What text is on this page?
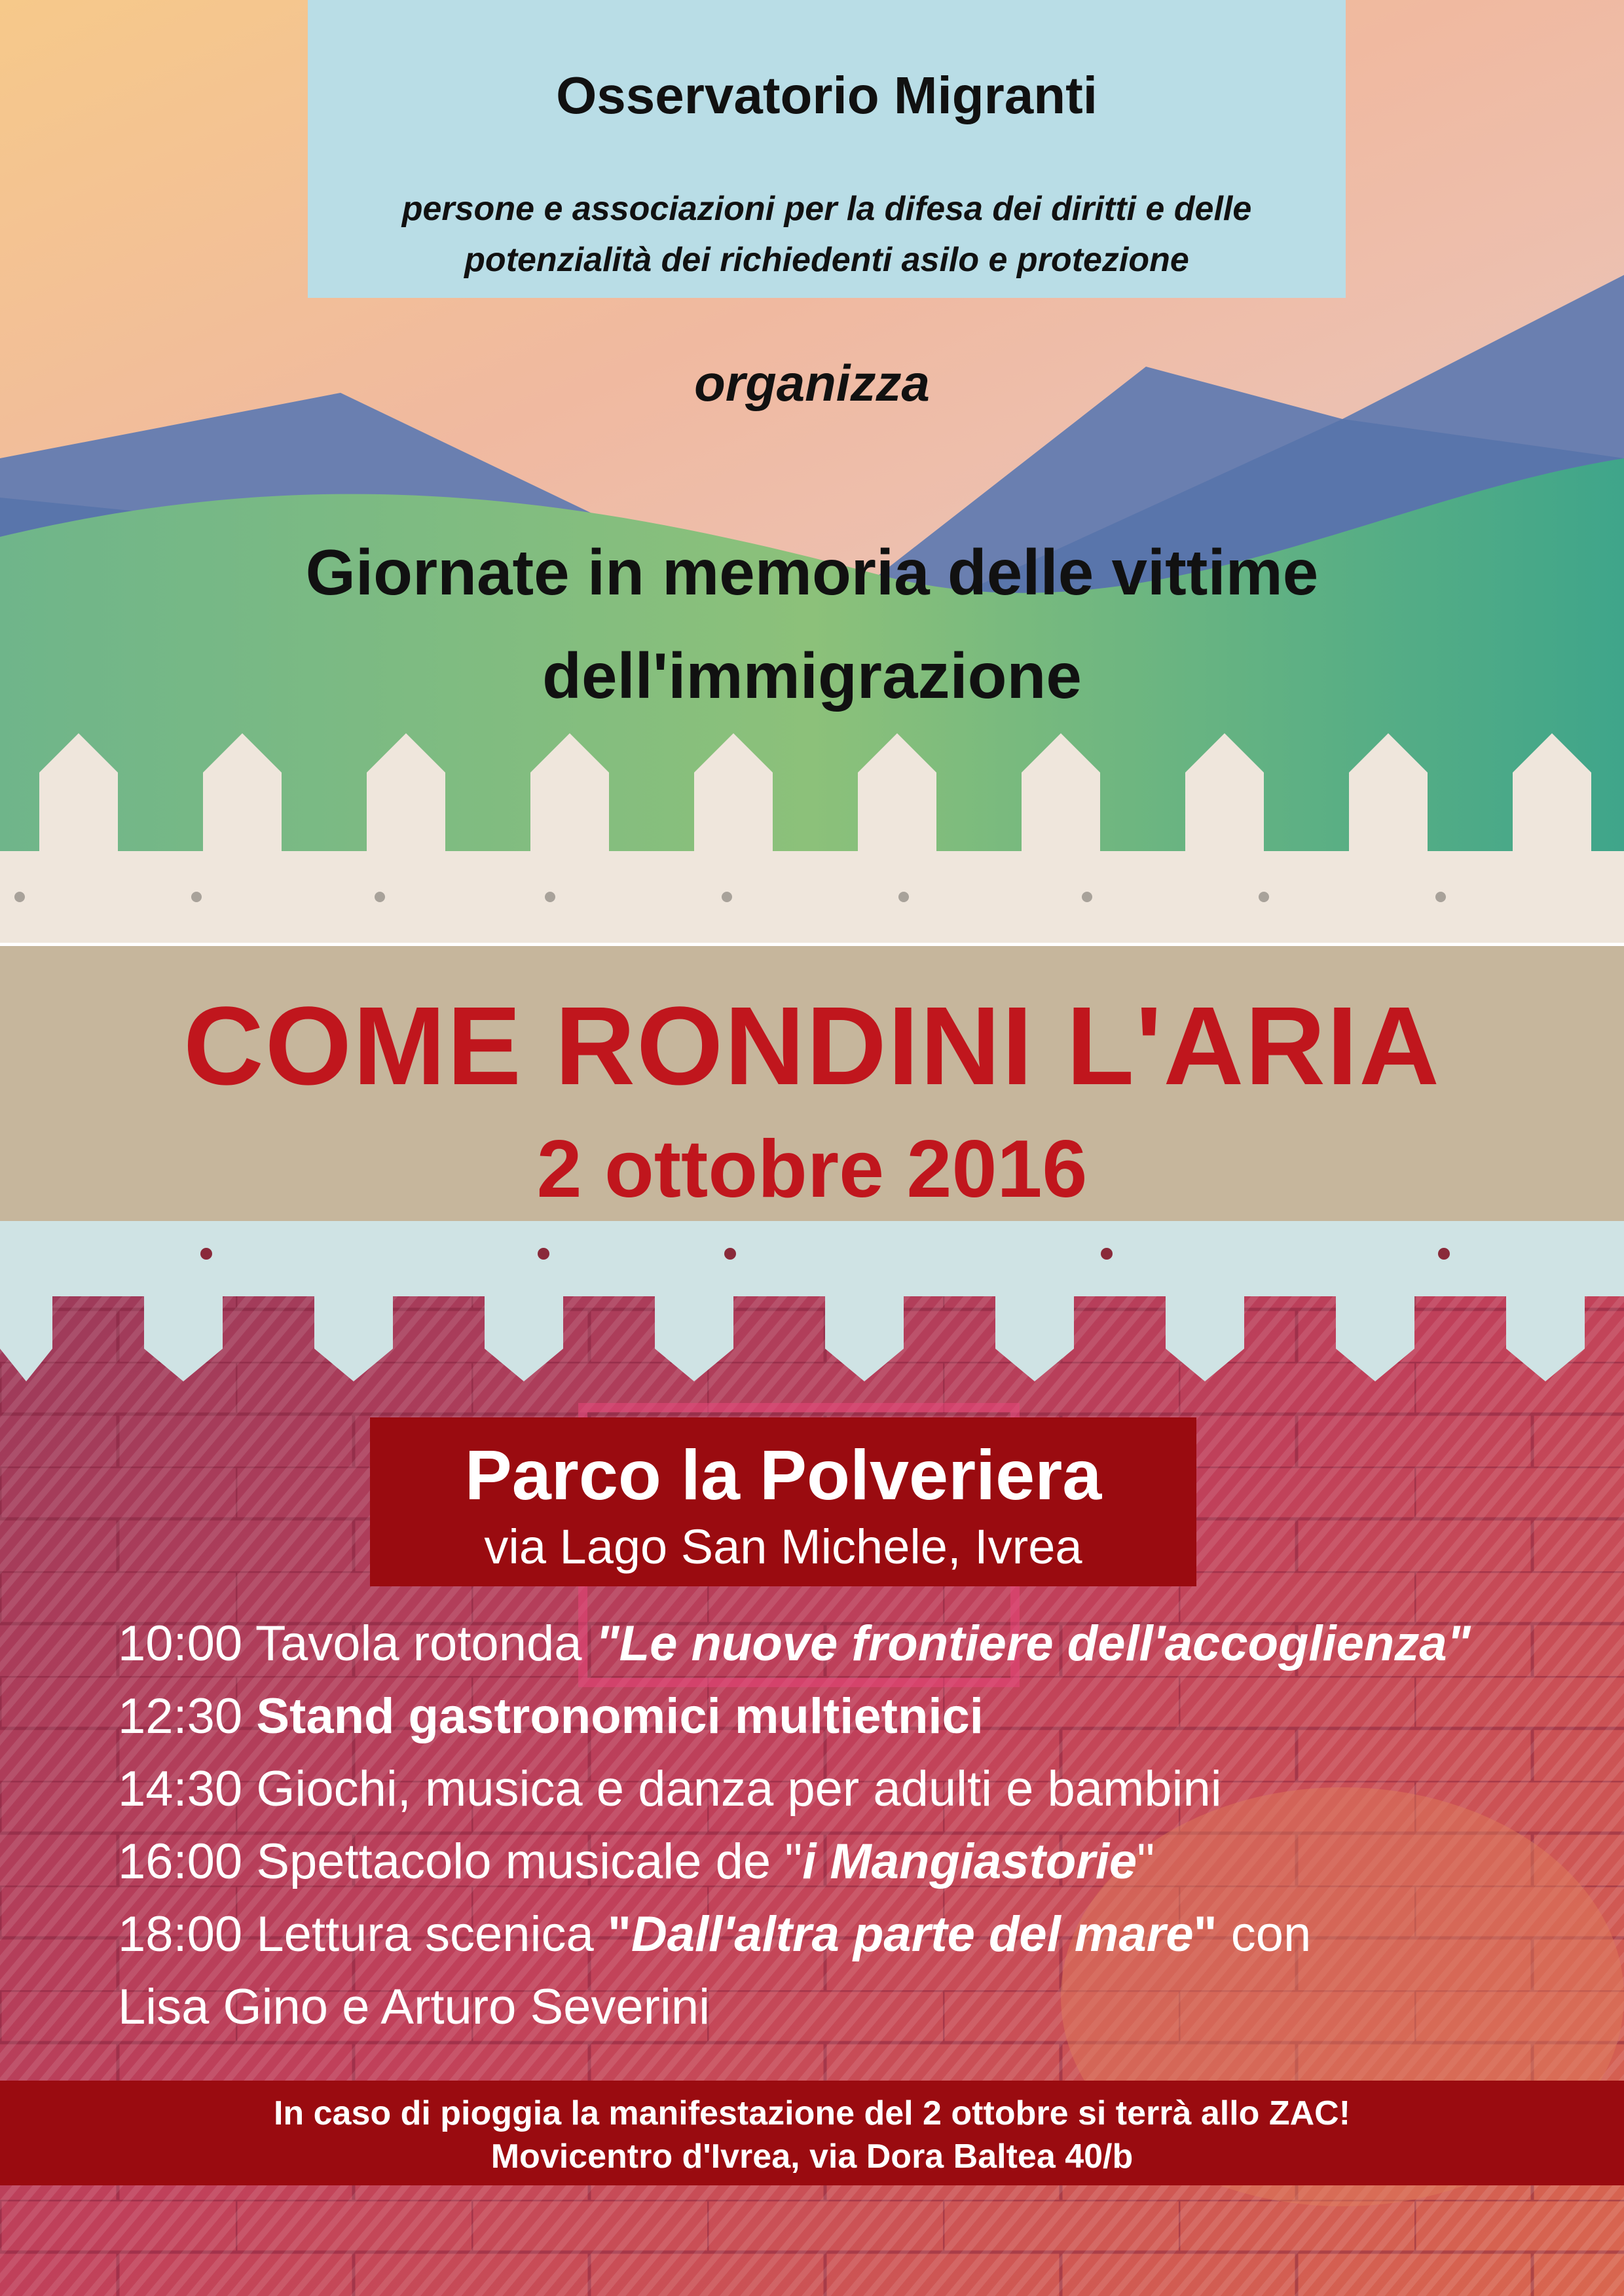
Osservatorio Migranti
persone e associazioni per la difesa dei diritti e delle
potenzialità dei richiedenti asilo e protezione
organizza
Giornate in memoria delle vittime
dell'immigrazione
COME RONDINI L'ARIA
2 ottobre 2016
Parco la Polveriera
via Lago San Michele, Ivrea
10:00 Tavola rotonda "Le nuove frontiere dell'accoglienza"
12:30 Stand gastronomici multietnici
14:30 Giochi, musica e danza per adulti e bambini
16:00 Spettacolo musicale de "i Mangiastorie"
18:00 Lettura scenica "Dall'altra parte del mare" con
Lisa Gino e Arturo Severini
In caso di pioggia la manifestazione del 2 ottobre si terrà allo ZAC!
Movicentro d'Ivrea, via Dora Baltea 40/b
